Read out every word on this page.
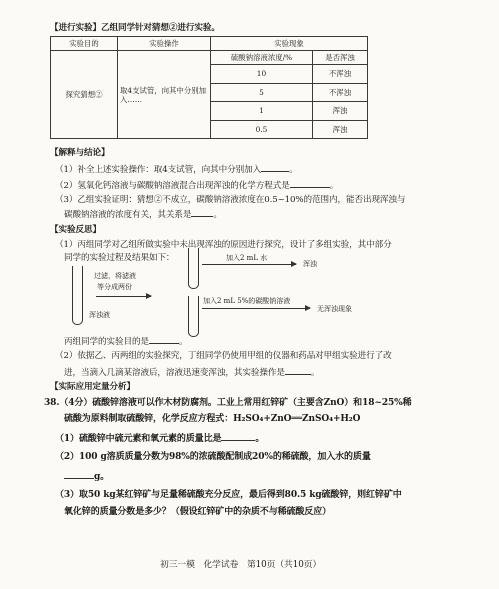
【进行实验】乙组同学针对猜想②进行实验。
实验目的	实验操作	实验现象	
探究猜想②	取4支试管，向其中分别加入……	硫酸钠溶液浓度/%	是否浑浊
		10	不浑浊
		5	不浑浊
		1	浑浊
		0.5	浑浊
【解释与结论】
（1）补全上述实验操作：取4支试管，向其中分别加入	。
（2）氢氧化钙溶液与碳酸钠溶液混合出现浑浊的化学方程式是	。
（3）乙组实验证明：猜想②不成立，碳酸钠溶液浓度在0.5~10%的范围内，能否出现浑浊与
碳酸钠溶液的浓度有关，其关系是	。
【实验反思】
（1）丙组同学对乙组所做实验中未出现浑浊的原因进行探究，设计了多组实验，其中部分
同学的实验过程及结果如下：
过滤，将滤液
等分成两份
浑浊液
加入2 mL 水
浑浊
加入2 mL 5%的碳酸钠溶液
无浑浊现象
丙组同学的实验目的是	。
（2）依据乙、丙两组的实验探究，丁组同学仍使用甲组的仪器和药品对甲组实验进行了改
进，当滴入几滴某溶液后，溶液迅速变浑浊，其实验操作是	。
【实际应用定量分析】
38.（4分）硫酸锌溶液可以作木材防腐剂。工业上常用红锌矿（主要含ZnO）和18~25%稀
硫酸为原料制取硫酸锌，化学反应方程式：H₂SO₄+ZnO══ZnSO₄+H₂O
（1）硫酸锌中硫元素和氧元素的质量比是	。
（2）100 g溶质质量分数为98%的浓硫酸配制成20%的稀硫酸，加入水的质量
g。
（3）取50 kg某红锌矿与足量稀硫酸充分反应，最后得到80.5 kg硫酸锌，则红锌矿中
氧化锌的质量分数是多少？（假设红锌矿中的杂质不与稀硫酸反应）
初三一模　化学试卷　第10页（共10页）
